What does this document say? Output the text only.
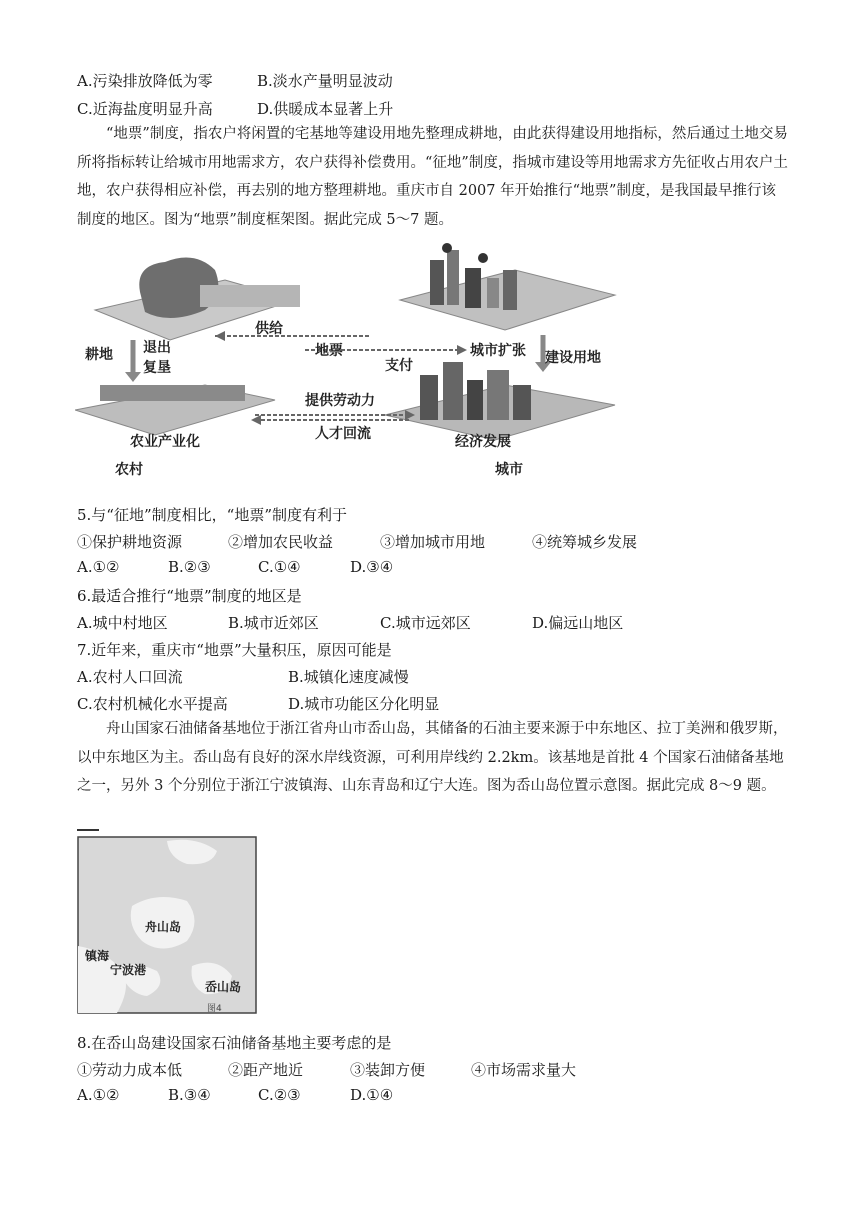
A.污染排放降低为零	B.淡水产量明显波动
C.近海盐度明显升高	D.供暖成本显著上升
“地票”制度，指农户将闲置的宅基地等建设用地先整理成耕地，由此获得建设用地指标，然后通过土地交易所将指标转让给城市用地需求方，农户获得补偿费用。“征地”制度，指城市建设等用地需求方先征收占用农户土地，农户获得相应补偿，再去别的地方整理耕地。重庆市自 2007 年开始推行“地票”制度，是我国最早推行该制度的地区。图为“地票”制度框架图。据此完成 5～7 题。
耕地 退出
复垦
供给
地票
支付
城市扩张 建设用地
提供劳动力
人才回流
农业产业化
农村
经济发展
城市
5.与“征地”制度相比，“地票”制度有利于
①保护耕地资源	②增加农民收益	③增加城市用地	④统筹城乡发展
A.①②	B.②③	C.①④	D.③④
6.最适合推行“地票”制度的地区是
A.城中村地区	B.城市近郊区	C.城市远郊区	D.偏远山地区
7.近年来，重庆市“地票”大量积压，原因可能是
A.农村人口回流	B.城镇化速度减慢
C.农村机械化水平提高	D.城市功能区分化明显
舟山国家石油储备基地位于浙江省舟山市岙山岛，其储备的石油主要来源于中东地区、拉丁美洲和俄罗斯，以中东地区为主。岙山岛有良好的深水岸线资源，可利用岸线约 2.2km。该基地是首批 4 个国家石油储备基地之一，另外 3 个分别位于浙江宁波镇海、山东青岛和辽宁大连。图为岙山岛位置示意图。据此完成 8～9 题。
舟山岛
镇海
宁波港
岙山岛
图4
8.在岙山岛建设国家石油储备基地主要考虑的是
①劳动力成本低	②距产地近	③装卸方便	④市场需求量大
A.①②	B.③④	C.②③	D.①④
